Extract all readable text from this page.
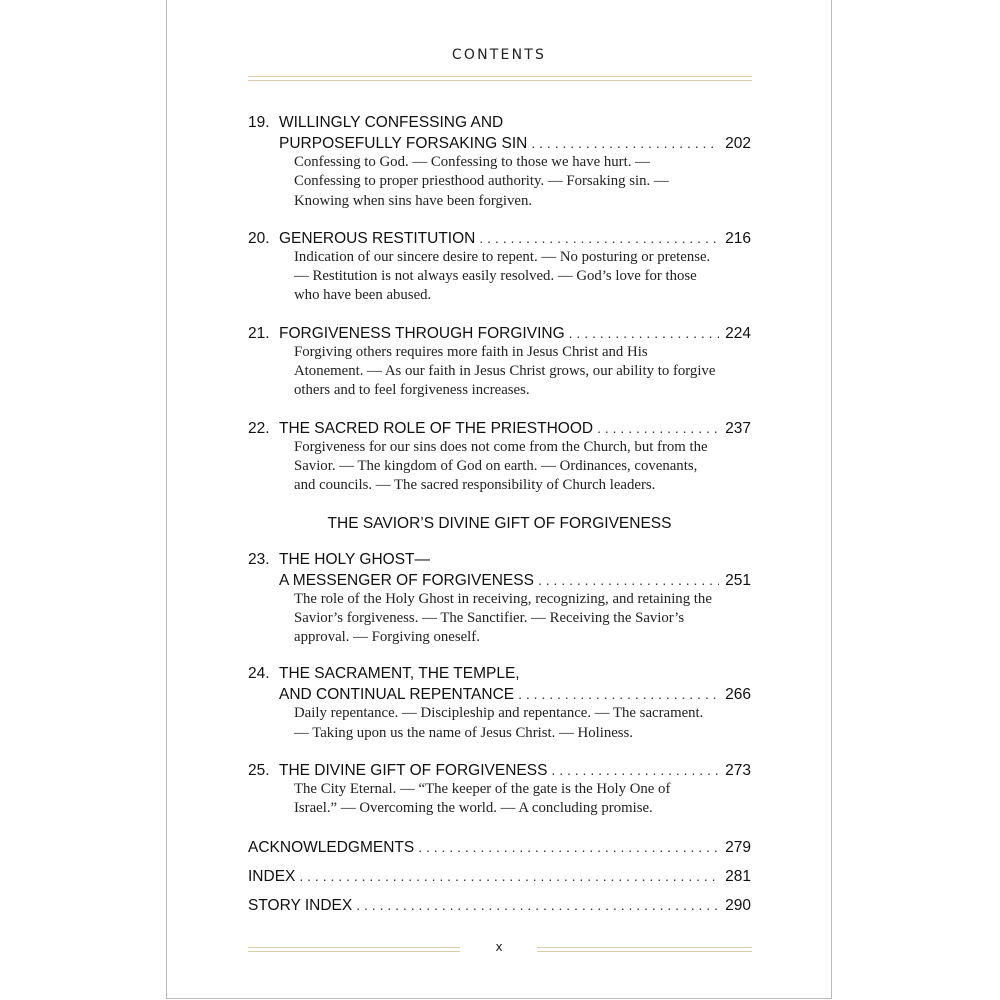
CONTENTS
19. WILLINGLY CONFESSING AND
PURPOSEFULLY FORSAKING SIN . . .	202
Confessing to God. — Confessing to those we have hurt. — Confessing to proper priesthood authority. — Forsaking sin. — Knowing when sins have been forgiven.
20. GENEROUS RESTITUTION . . .	216
Indication of our sincere desire to repent. — No posturing or pretense. — Restitution is not always easily resolved. — God’s love for those who have been abused.
21. FORGIVENESS THROUGH FORGIVING . . .	224
Forgiving others requires more faith in Jesus Christ and His Atonement. — As our faith in Jesus Christ grows, our ability to forgive others and to feel forgiveness increases.
22. THE SACRED ROLE OF THE PRIESTHOOD . . .	237
Forgiveness for our sins does not come from the Church, but from the Savior. — The kingdom of God on earth. — Ordinances, covenants, and councils. — The sacred responsibility of Church leaders.
THE SAVIOR’S DIVINE GIFT OF FORGIVENESS
23. THE HOLY GHOST—
A MESSENGER OF FORGIVENESS . . .	251
The role of the Holy Ghost in receiving, recognizing, and retaining the Savior’s forgiveness. — The Sanctifier. — Receiving the Savior’s approval. — Forgiving oneself.
24. THE SACRAMENT, THE TEMPLE,
AND CONTINUAL REPENTANCE . . .	266
Daily repentance. — Discipleship and repentance. — The sacrament. — Taking upon us the name of Jesus Christ. — Holiness.
25. THE DIVINE GIFT OF FORGIVENESS . . .	273
The City Eternal. — “The keeper of the gate is the Holy One of Israel.” — Overcoming the world. — A concluding promise.
ACKNOWLEDGMENTS . . .	279
INDEX . . .	281
STORY INDEX . . .	290
x
